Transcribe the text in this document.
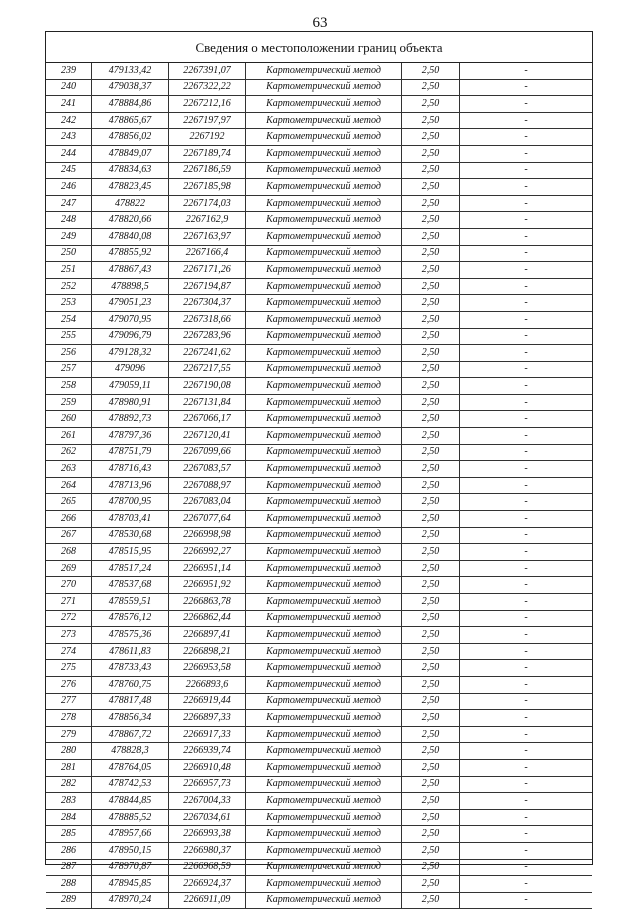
63
Сведения о местоположении границ объекта
239	479133,42	2267391,07	Картометрический метод	2,50	-
240	479038,37	2267322,22	Картометрический метод	2,50	-
241	478884,86	2267212,16	Картометрический метод	2,50	-
242	478865,67	2267197,97	Картометрический метод	2,50	-
243	478856,02	2267192	Картометрический метод	2,50	-
244	478849,07	2267189,74	Картометрический метод	2,50	-
245	478834,63	2267186,59	Картометрический метод	2,50	-
246	478823,45	2267185,98	Картометрический метод	2,50	-
247	478822	2267174,03	Картометрический метод	2,50	-
248	478820,66	2267162,9	Картометрический метод	2,50	-
249	478840,08	2267163,97	Картометрический метод	2,50	-
250	478855,92	2267166,4	Картометрический метод	2,50	-
251	478867,43	2267171,26	Картометрический метод	2,50	-
252	478898,5	2267194,87	Картометрический метод	2,50	-
253	479051,23	2267304,37	Картометрический метод	2,50	-
254	479070,95	2267318,66	Картометрический метод	2,50	-
255	479096,79	2267283,96	Картометрический метод	2,50	-
256	479128,32	2267241,62	Картометрический метод	2,50	-
257	479096	2267217,55	Картометрический метод	2,50	-
258	479059,11	2267190,08	Картометрический метод	2,50	-
259	478980,91	2267131,84	Картометрический метод	2,50	-
260	478892,73	2267066,17	Картометрический метод	2,50	-
261	478797,36	2267120,41	Картометрический метод	2,50	-
262	478751,79	2267099,66	Картометрический метод	2,50	-
263	478716,43	2267083,57	Картометрический метод	2,50	-
264	478713,96	2267088,97	Картометрический метод	2,50	-
265	478700,95	2267083,04	Картометрический метод	2,50	-
266	478703,41	2267077,64	Картометрический метод	2,50	-
267	478530,68	2266998,98	Картометрический метод	2,50	-
268	478515,95	2266992,27	Картометрический метод	2,50	-
269	478517,24	2266951,14	Картометрический метод	2,50	-
270	478537,68	2266951,92	Картометрический метод	2,50	-
271	478559,51	2266863,78	Картометрический метод	2,50	-
272	478576,12	2266862,44	Картометрический метод	2,50	-
273	478575,36	2266897,41	Картометрический метод	2,50	-
274	478611,83	2266898,21	Картометрический метод	2,50	-
275	478733,43	2266953,58	Картометрический метод	2,50	-
276	478760,75	2266893,6	Картометрический метод	2,50	-
277	478817,48	2266919,44	Картометрический метод	2,50	-
278	478856,34	2266897,33	Картометрический метод	2,50	-
279	478867,72	2266917,33	Картометрический метод	2,50	-
280	478828,3	2266939,74	Картометрический метод	2,50	-
281	478764,05	2266910,48	Картометрический метод	2,50	-
282	478742,53	2266957,73	Картометрический метод	2,50	-
283	478844,85	2267004,33	Картометрический метод	2,50	-
284	478885,52	2267034,61	Картометрический метод	2,50	-
285	478957,66	2266993,38	Картометрический метод	2,50	-
286	478950,15	2266980,37	Картометрический метод	2,50	-
287	478970,87	2266968,59	Картометрический метод	2,50	-
288	478945,85	2266924,37	Картометрический метод	2,50	-
289	478970,24	2266911,09	Картометрический метод	2,50	-
